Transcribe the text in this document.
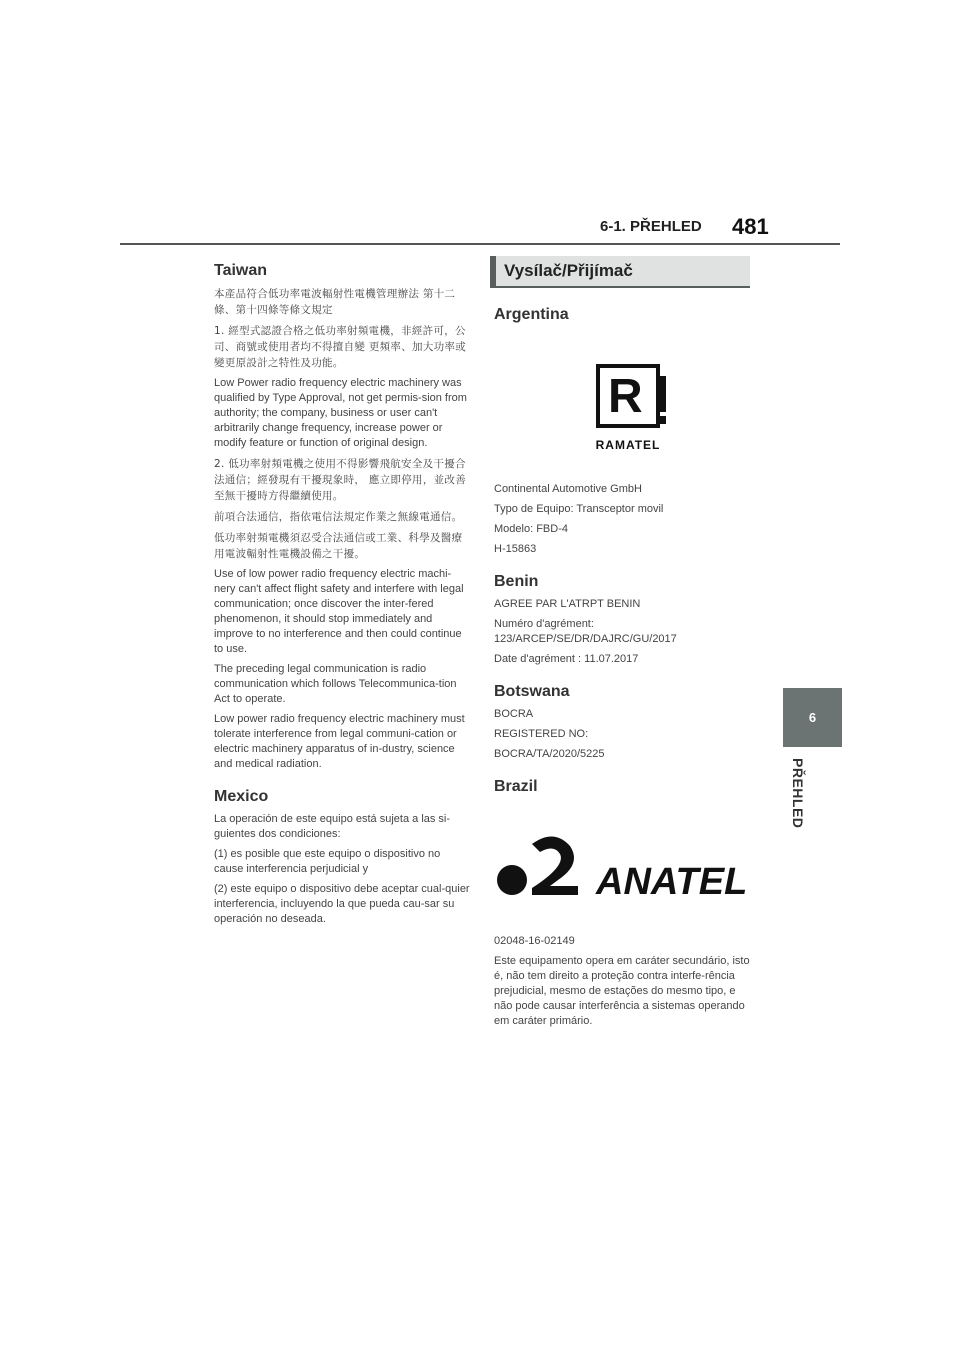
6-1. PŘEHLED 481
6
PŘEHLED
Taiwan

本產品符合低功率電波輻射性電機管理辦法 第十二條、第十四條等條文規定

1. 經型式認證合格之低功率射頻電機，非經許可，公司、商號或使用者均不得擅自變 更頻率、加大功率或變更原設計之特性及功能。

Low Power radio frequency electric machinery was qualified by Type Approval, not get permis-sion from authority; the company, business or user can't arbitrarily change frequency, increase power or modify feature or function of original design.

2. 低功率射頻電機之使用不得影響飛航安全及干擾合法通信；經發現有干擾現象時， 應立即停用，並改善至無干擾時方得繼續使用。

前項合法通信，指依電信法規定作業之無線電通信。

低功率射頻電機須忍受合法通信或工業、科學及醫療用電波輻射性電機設備之干擾。

Use of low power radio frequency electric machi-nery can't affect flight safety and interfere with legal communication; once discover the inter-fered phenomenon, it should stop immediately and improve to no interference and then could continue to use.

The preceding legal communication is radio communication which follows Telecommunica-tion Act to operate.

Low power radio frequency electric machinery must tolerate interference from legal communi-cation or electric machinery apparatus of in-dustry, science and medical radiation.

Mexico

La operación de este equipo está sujeta a las si-guientes dos condiciones:

(1) es posible que este equipo o dispositivo no cause interferencia perjudicial y

(2) este equipo o dispositivo debe aceptar cual-quier interferencia, incluyendo la que pueda cau-sar su operación no deseada.

Vysílač/Přijímač
Argentina
R
RAMATEL

Continental Automotive GmbH

Typo de Equipo: Transceptor movil

Modelo: FBD-4

H-15863

Benin

AGREE PAR L'ATRPT BENIN

Numéro d'agrément: 123/ARCEP/SE/DR/DAJRC/GU/2017

Date d'agrément : 11.07.2017

Botswana

BOCRA

REGISTERED NO:

BOCRA/TA/2020/5225

Brazil
ANATEL

02048-16-02149

Este equipamento opera em caráter secundário, isto é, não tem direito a proteção contra interfe-rência prejudicial, mesmo de estações do mesmo tipo, e não pode causar interferência a sistemas operando em caráter primário.
